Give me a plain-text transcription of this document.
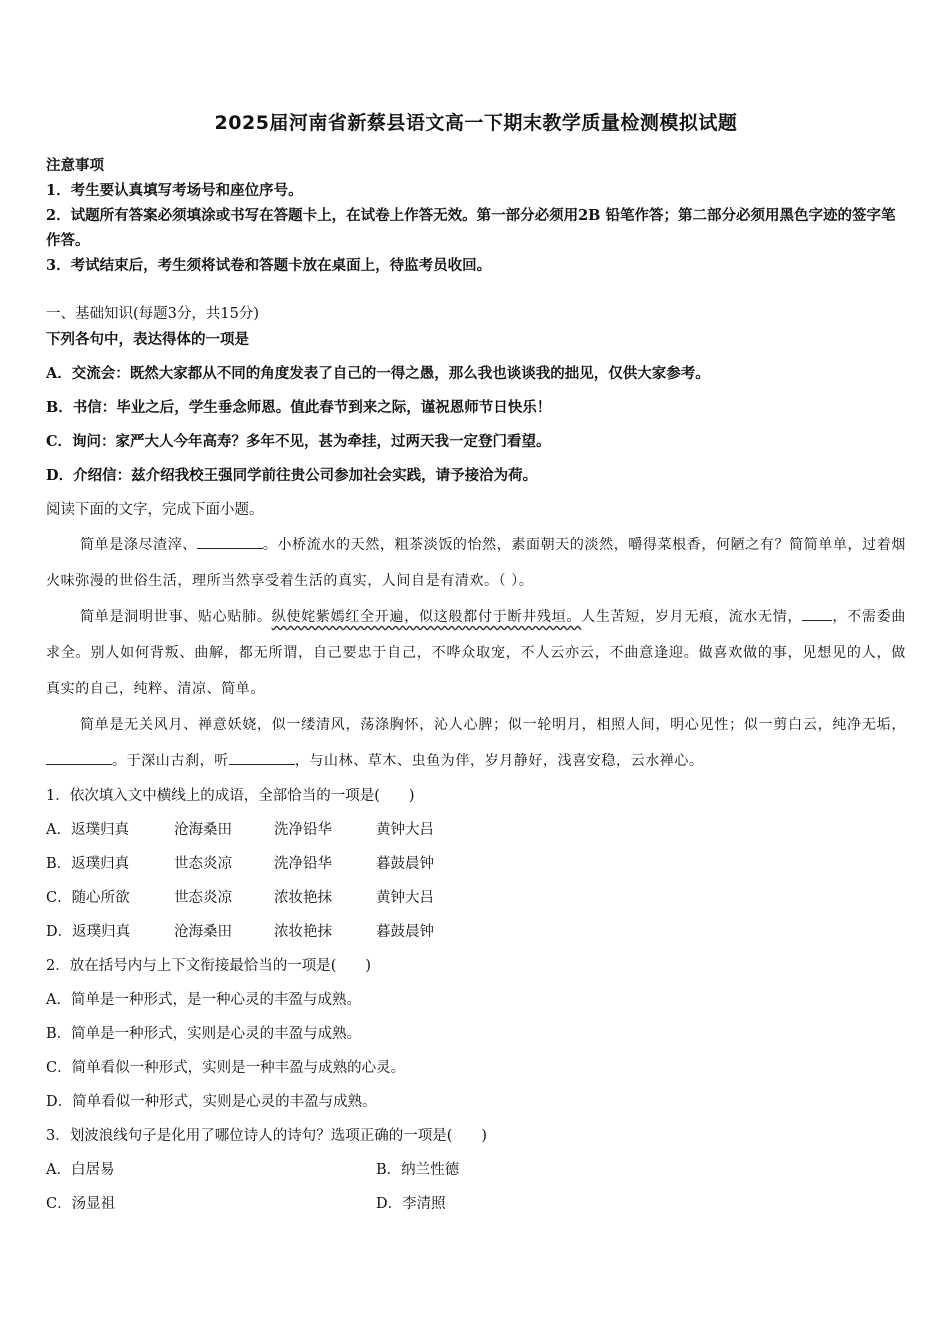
2025届河南省新蔡县语文高一下期末教学质量检测模拟试题

注意事项

1．考生要认真填写考场号和座位序号。

2．试题所有答案必须填涂或书写在答题卡上，在试卷上作答无效。第一部分必须用2B 铅笔作答；第二部分必须用黑色字迹的签字笔作答。

3．考试结束后，考生须将试卷和答题卡放在桌面上，待监考员收回。

一、基础知识(每题3分，共15分)

下列各句中，表达得体的一项是

A．交流会：既然大家都从不同的角度发表了自己的一得之愚，那么我也谈谈我的拙见，仅供大家参考。

B．书信：毕业之后，学生垂念师恩。值此春节到来之际，谨祝恩师节日快乐！

C．询问：家严大人今年高寿？多年不见，甚为牵挂，过两天我一定登门看望。

D．介绍信：兹介绍我校王强同学前往贵公司参加社会实践，请予接洽为荷。

阅读下面的文字，完成下面小题。

简单是涤尽渣滓、	。小桥流水的天然，粗茶淡饭的怡然，素面朝天的淡然，嚼得菜根香，何陋之有？简简单单，过着烟火味弥漫的世俗生活，理所当然享受着生活的真实，人间自是有清欢。（ ）。

简单是洞明世事、贴心贴肺。纵使姹紫嫣红全开遍，似这般都付于断井残垣。人生苦短，岁月无痕，流水无情， ，不需委曲求全。别人如何背叛、曲解，都无所谓，自己要忠于自己，不哗众取宠，不人云亦云，不曲意逢迎。做喜欢做的事，见想见的人，做真实的自己，纯粹、清凉、简单。

简单是无关风月、禅意妖娆，似一缕清风，荡涤胸怀，沁人心脾；似一轮明月，相照人间，明心见性；似一剪白云，纯净无垢，。于深山古刹，听	，与山林、草木、虫鱼为伴，岁月静好，浅喜安稳，云水禅心。

1．依次填入文中横线上的成语，全部恰当的一项是(　　)

A．返璞归真	沧海桑田	洗净铅华	黄钟大吕
B．返璞归真	世态炎凉	洗净铅华	暮鼓晨钟
C．随心所欲	世态炎凉	浓妆艳抹	黄钟大吕
D．返璞归真	沧海桑田	浓妆艳抹	暮鼓晨钟

2．放在括号内与上下文衔接最恰当的一项是(　　)

A．简单是一种形式，是一种心灵的丰盈与成熟。

B．简单是一种形式，实则是心灵的丰盈与成熟。

C．简单看似一种形式，实则是一种丰盈与成熟的心灵。

D．简单看似一种形式，实则是心灵的丰盈与成熟。

3．划波浪线句子是化用了哪位诗人的诗句？选项正确的一项是(　　)

A．白居易	B．纳兰性德
C．汤显祖	D．李清照
